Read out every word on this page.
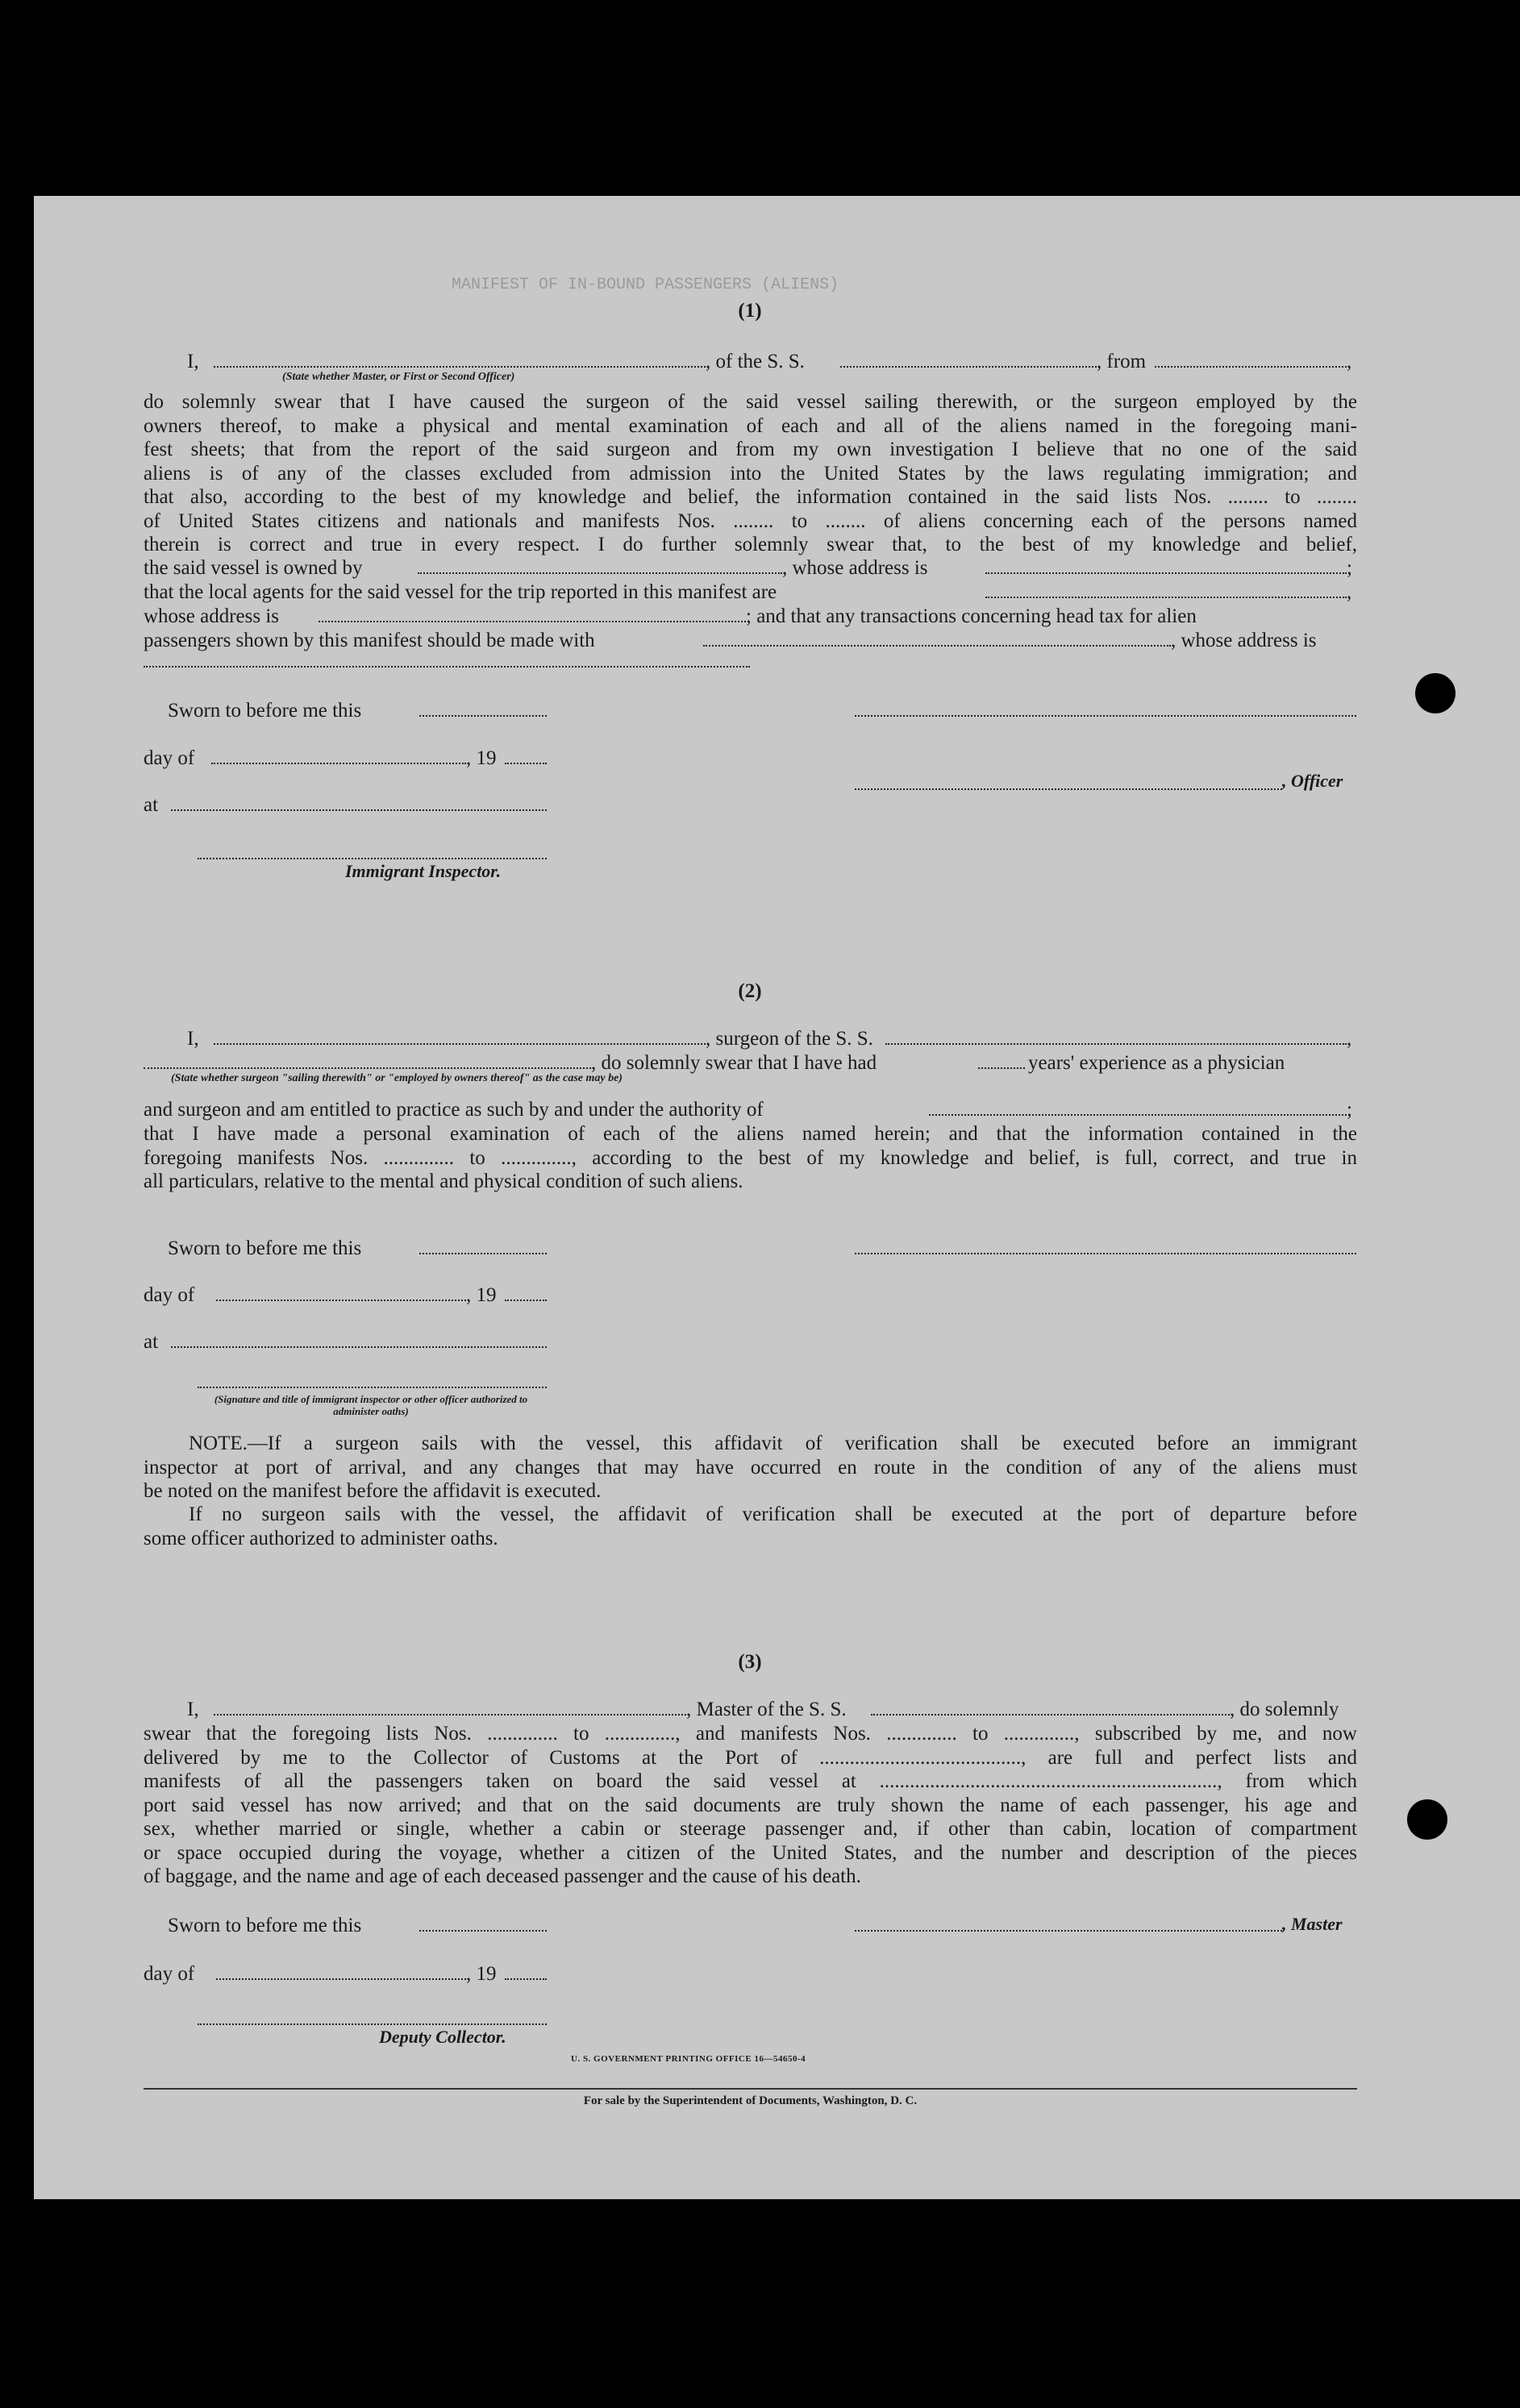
MANIFEST OF IN-BOUND PASSENGERS (ALIENS)
(1)
I,	, of the S. S.	, from	,
(State whether Master, or First or Second Officer)
do solemnly swear that I have caused the surgeon of the said vessel sailing therewith, or the surgeon employed by the
owners thereof, to make a physical and mental examination of each and all of the aliens named in the foregoing mani-
fest sheets; that from the report of the said surgeon and from my own investigation I believe that no one of the said
aliens is of any of the classes excluded from admission into the United States by the laws regulating immigration; and
that also, according to the best of my knowledge and belief, the information contained in the said lists Nos. ........ to ........
of United States citizens and nationals and manifests Nos. ........ to ........ of aliens concerning each of the persons named
therein is correct and true in every respect. I do further solemnly swear that, to the best of my knowledge and belief,
the said vessel is owned by	, whose address is	;
that the local agents for the said vessel for the trip reported in this manifest are	,
whose address is	; and that any transactions concerning head tax for alien
passengers shown by this manifest should be made with	, whose address is
Sworn to before me this
day of	, 19
, Officer
at
Immigrant Inspector.
(2)
I,	, surgeon of the S. S.	,
, do solemnly swear that I have had	years' experience as a physician
(State whether surgeon "sailing therewith" or "employed by owners thereof" as the case may be)
and surgeon and am entitled to practice as such by and under the authority of	;
that I have made a personal examination of each of the aliens named herein; and that the information contained in the
foregoing manifests Nos. .............. to .............., according to the best of my knowledge and belief, is full, correct, and true in
all particulars, relative to the mental and physical condition of such aliens.
Sworn to before me this
day of	, 19
at
(Signature and title of immigrant inspector or other officer authorized to administer oaths)
NOTE.—If a surgeon sails with the vessel, this affidavit of verification shall be executed before an immigrant
inspector at port of arrival, and any changes that may have occurred en route in the condition of any of the aliens must
be noted on the manifest before the affidavit is executed.
If no surgeon sails with the vessel, the affidavit of verification shall be executed at the port of departure before
some officer authorized to administer oaths.
(3)
I,	, Master of the S. S.	, do solemnly
swear that the foregoing lists Nos. .............. to .............., and manifests Nos. .............. to .............., subscribed by me, and now
delivered by me to the Collector of Customs at the Port of ........................................, are full and perfect lists and
manifests of all the passengers taken on board the said vessel at ..................................................................., from which
port said vessel has now arrived; and that on the said documents are truly shown the name of each passenger, his age and
sex, whether married or single, whether a cabin or steerage passenger and, if other than cabin, location of compartment
or space occupied during the voyage, whether a citizen of the United States, and the number and description of the pieces
of baggage, and the name and age of each deceased passenger and the cause of his death.
Sworn to before me this	, Master
day of	, 19
Deputy Collector.
U. S. GOVERNMENT PRINTING OFFICE 16—54650-4
For sale by the Superintendent of Documents, Washington, D. C.
